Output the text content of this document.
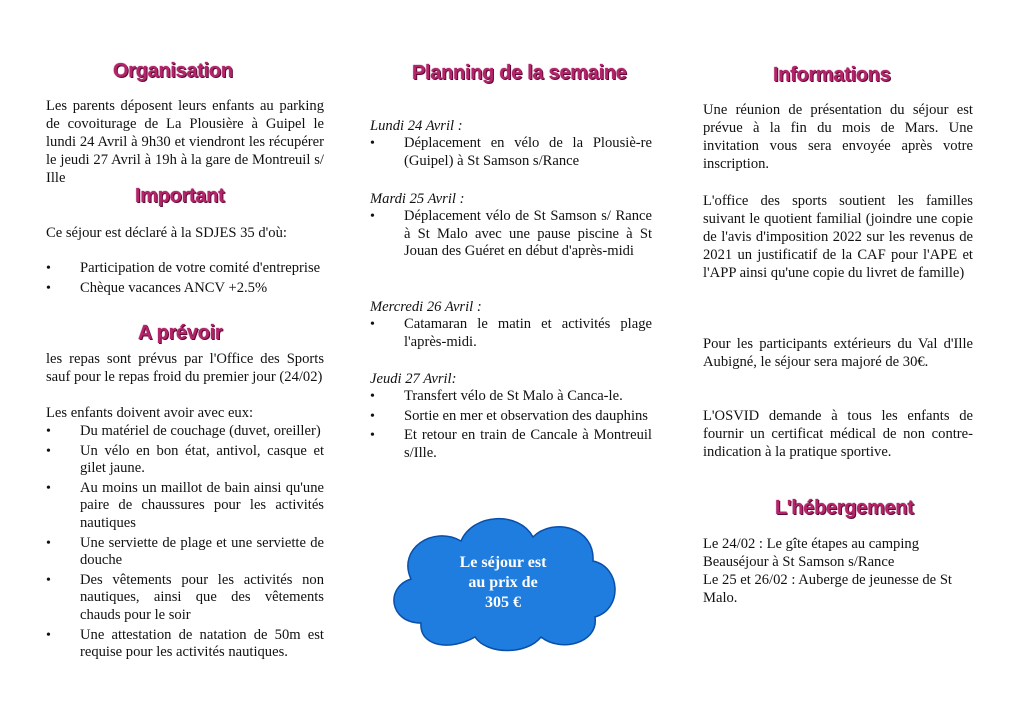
Organisation
Les parents déposent leurs enfants au parking de covoiturage de La Plousière à Guipel le lundi 24 Avril à 9h30 et viendront les récupérer le jeudi 27 Avril à 19h à la gare de Montreuil s/ Ille
Important
Ce séjour est déclaré à la SDJES 35 d'où:
• Participation de votre comité d'entreprise
• Chèque vacances ANCV +2.5%
A prévoir
les repas sont prévus par l'Office des Sports sauf pour le repas froid du premier jour (24/02)
Les enfants doivent avoir avec eux:
• Du matériel de couchage (duvet, oreiller)
• Un vélo en bon état, antivol, casque et gilet jaune.
• Au moins un maillot de bain ainsi qu'une paire de chaussures pour les activités nautiques
• Une serviette de plage et une serviette de douche
• Des vêtements pour les activités non nautiques, ainsi que des vêtements chauds pour le soir
• Une attestation de natation de 50m est requise pour les activités nautiques.
Planning de la semaine
Lundi 24 Avril :
• Déplacement en vélo de la Plousiè-re (Guipel) à St Samson s/Rance
Mardi 25 Avril :
• Déplacement vélo de St Samson s/ Rance à St Malo avec une pause piscine à St Jouan des Guéret en début d'après-midi
Mercredi 26 Avril :
• Catamaran le matin et activités plage l'après-midi.
Jeudi 27 Avril:
• Transfert vélo de St Malo à Canca-le.
• Sortie en mer et observation des dauphins
• Et retour en train de Cancale à Montreuil s/Ille.
Le séjour est
au prix de
305 €
Informations
Une réunion de présentation du séjour est prévue à la fin du mois de Mars. Une invitation vous sera envoyée après votre inscription.
L'office des sports soutient les familles suivant le quotient familial (joindre une copie de l'avis d'imposition 2022 sur les revenus de 2021 un justificatif de la CAF pour l'APE et l'APP ainsi qu'une copie du livret de famille)
Pour les participants extérieurs du Val d'Ille Aubigné, le séjour sera majoré de 30€.
L'OSVID demande à tous les enfants de fournir un certificat médical de non contre-indication à la pratique sportive.
L'hébergement
Le 24/02 : Le gîte étapes au camping Beauséjour à St Samson s/Rance
Le 25 et 26/02 : Auberge de jeunesse de St Malo.
